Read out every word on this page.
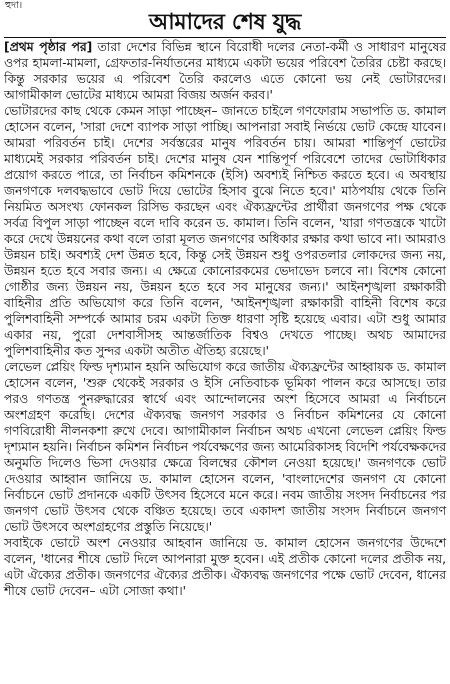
হুদা।
আমাদের শেষ যুদ্ধ

[প্রথম পৃষ্ঠার পর] তারা দেশের বিভিন্ন স্থানে বিরোধী দলের নেতা-কর্মী ও সাধারণ মানুষের ওপর হামলা-মামলা, গ্রেফতার-নির্যাতনের মাধ্যমে একটা ভয়ের পরিবেশ তৈরির চেষ্টা করছে। কিন্তু সরকার ভয়ের এ পরিবেশ তৈরি করলেও এতে কোনো ভয় নেই ভোটারদের। আগামীকাল ভোটের মাধ্যমে আমরা বিজয় অর্জন করব।'

ভোটারদের কাছ থেকে কেমন সাড়া পাচ্ছেন– জানতে চাইলে গণফোরাম সভাপতি ড. কামাল হোসেন বলেন, 'সারা দেশে ব্যাপক সাড়া পাচ্ছি। আপনারা সবাই নির্ভয়ে ভোট কেন্দ্রে যাবেন। আমরা পরিবর্তন চাই। দেশের সর্বস্তরের মানুষ পরিবর্তন চায়। আমরা শান্তিপূর্ণ ভোটের মাধ্যমেই সরকার পরিবর্তন চাই। দেশের মানুষ যেন শান্তিপূর্ণ পরিবেশে তাদের ভোটাধিকার প্রয়োগ করতে পারে, তা নির্বাচন কমিশনকে (ইসি) অবশ্যই নিশ্চিত করতে হবে। এ অবস্থায় জনগণকে দলবদ্ধভাবে ভোট দিয়ে ভোটের হিসাব বুঝে নিতে হবে।' মাঠপর্যায় থেকে তিনি নিয়মিত অসংখ্য ফোনকল রিসিভ করছেন এবং ঐক্যফ্রন্টের প্রার্থীরা জনগণের পক্ষ থেকে সর্বত্র বিপুল সাড়া পাচ্ছেন বলে দাবি করেন ড. কামাল। তিনি বলেন, 'যারা গণতন্ত্রকে খাটো করে দেখে উন্নয়নের কথা বলে তারা মূলত জনগণের অধিকার রক্ষার কথা ভাবে না। আমরাও উন্নয়ন চাই। অবশ্যই দেশ উন্নত হবে, কিন্তু সেই উন্নয়ন শুধু ওপরতলার লোকদের জন্য নয়, উন্নয়ন হতে হবে সবার জন্য। এ ক্ষেত্রে কোনোরকমের ভেদাভেদ চলবে না। বিশেষ কোনো গোষ্ঠীর জন্য উন্নয়ন নয়, উন্নয়ন হতে হবে সব মানুষের জন্য।' আইনশৃঙ্খলা রক্ষাকারী বাহিনীর প্রতি অভিযোগ করে তিনি বলেন, 'আইনশৃঙ্খলা রক্ষাকারী বাহিনী বিশেষ করে পুলিশবাহিনী সম্পর্কে আমার চরম একটা তিক্ত ধারণা সৃষ্টি হয়েছে এবার। এটা শুধু আমার একার নয়, পুরো দেশবাসীসহ আন্তর্জাতিক বিশ্বও দেখতে পাচ্ছে। অথচ আমাদের পুলিশবাহিনীর কত সুন্দর একটা অতীত ঐতিহ্য রয়েছে।'

লেভেল প্লেয়িং ফিল্ড দৃশ্যমান হয়নি অভিযোগ করে জাতীয় ঐক্যফ্রন্টের আহ্বায়ক ড. কামাল হোসেন বলেন, 'শুরু থেকেই সরকার ও ইসি নেতিবাচক ভূমিকা পালন করে আসছে। তার পরও গণতন্ত্র পুনরুদ্ধারের স্বার্থে এবং আন্দোলনের অংশ হিসেবে আমরা এ নির্বাচনে অংশগ্রহণ করেছি। দেশের ঐক্যবদ্ধ জনগণ সরকার ও নির্বাচন কমিশনের যে কোনো গণবিরোধী নীলনকশা রুখে দেবে। আগামীকাল নির্বাচন অথচ এখনো লেভেল প্লেয়িং ফিল্ড দৃশ্যমান হয়নি। নির্বাচন কমিশন নির্বাচন পর্যবেক্ষণের জন্য আমেরিকাসহ বিদেশি পর্যবেক্ষকদের অনুমতি দিলেও ভিসা দেওয়ার ক্ষেত্রে বিলম্বের কৌশল নেওয়া হয়েছে।' জনগণকে ভোট দেওয়ার আহ্বান জানিয়ে ড. কামাল হোসেন বলেন, 'বাংলাদেশের জনগণ যে কোনো নির্বাচনে ভোট প্রদানকে একটি উৎসব হিসেবে মনে করে। নবম জাতীয় সংসদ নির্বাচনের পর জনগণ ভোট উৎসব থেকে বঞ্চিত হয়েছে। তবে একাদশ জাতীয় সংসদ নির্বাচনে জনগণ ভোট উৎসবে অংশগ্রহণের প্রস্তুতি নিয়েছে।'

সবাইকে ভোটে অংশ নেওয়ার আহবান জানিয়ে ড. কামাল হোসেন জনগণের উদ্দেশে বলেন, 'ধানের শীষে ভোট দিলে আপনারা মুক্ত হবেন। এই প্রতীক কোনো দলের প্রতীক নয়, এটা ঐক্যের প্রতীক। জনগণের ঐক্যের প্রতীক। ঐক্যবদ্ধ জনগণের পক্ষে ভোট দেবেন, ধানের শীষে ভোট দেবেন– এটা সোজা কথা।'
